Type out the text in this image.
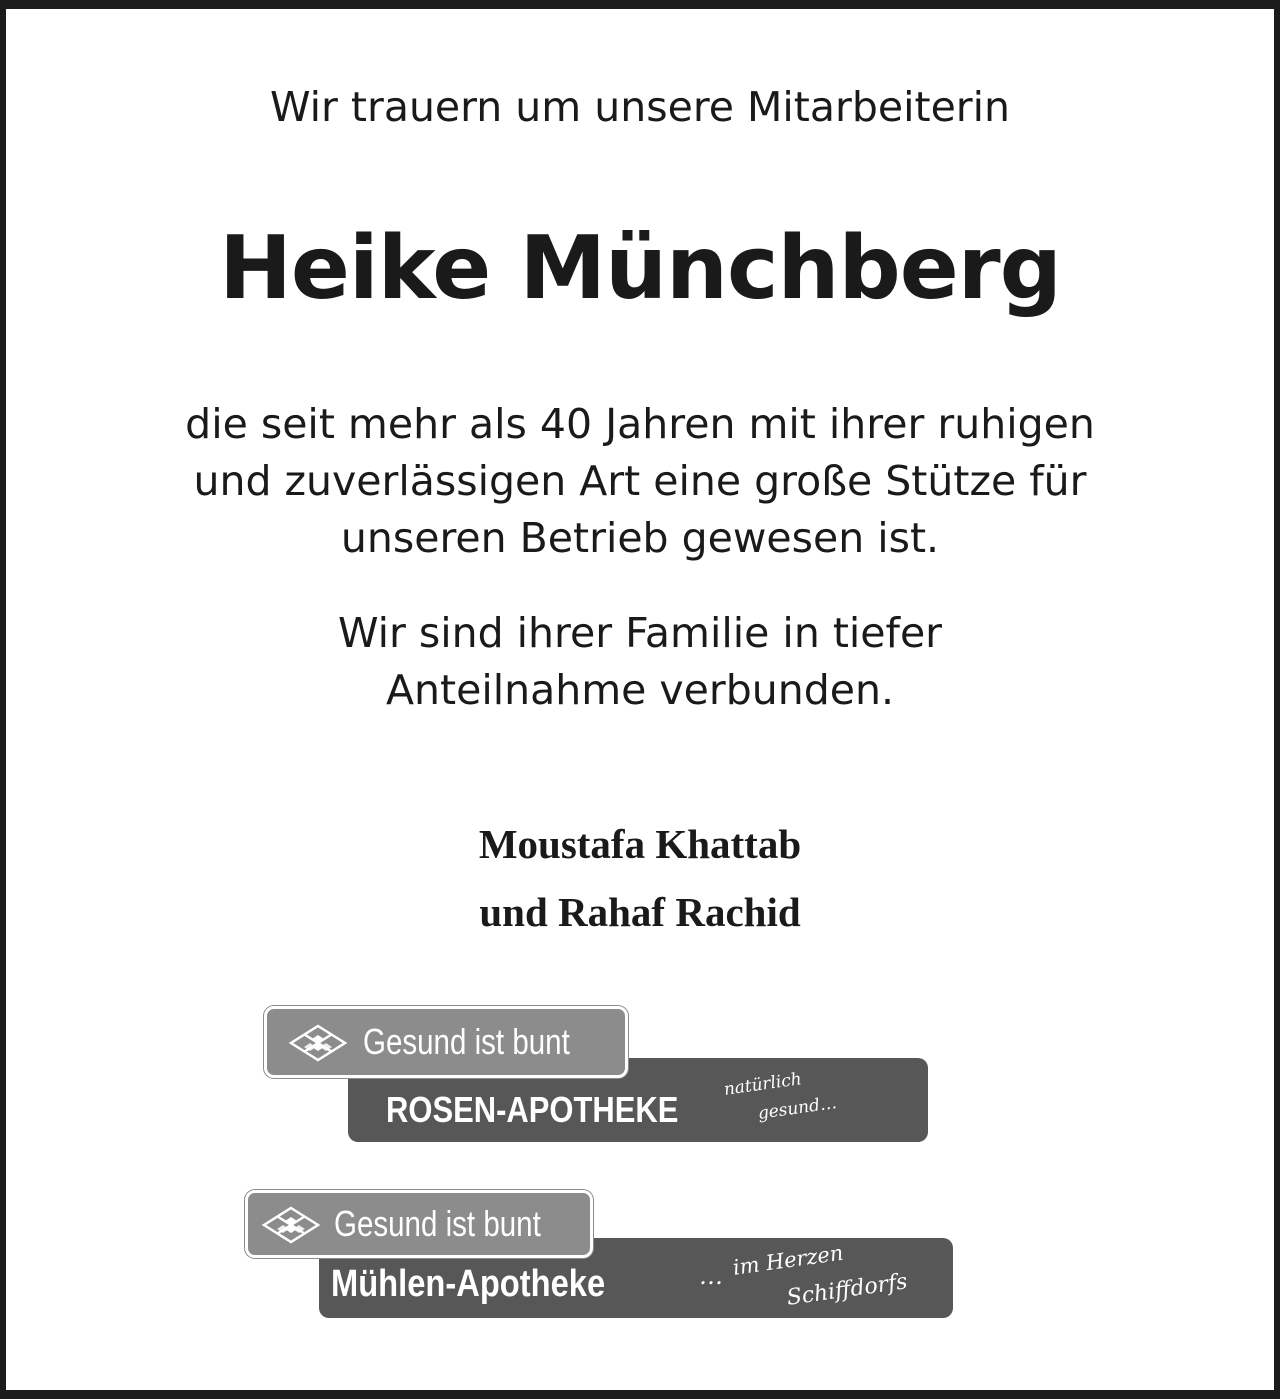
Wir trauern um unsere Mitarbeiterin
Heike Münchberg
die seit mehr als 40 Jahren mit ihrer ruhigen
und zuverlässigen Art eine große Stütze für
unseren Betrieb gewesen ist.
Wir sind ihrer Familie in tiefer
Anteilnahme verbunden.
Moustafa Khattab
und Rahaf Rachid
Gesund ist bunt
ROSEN-APOTHEKE
natürlich
gesund…
Gesund ist bunt
Mühlen-Apotheke	… im Herzen
Schiffdorfs
